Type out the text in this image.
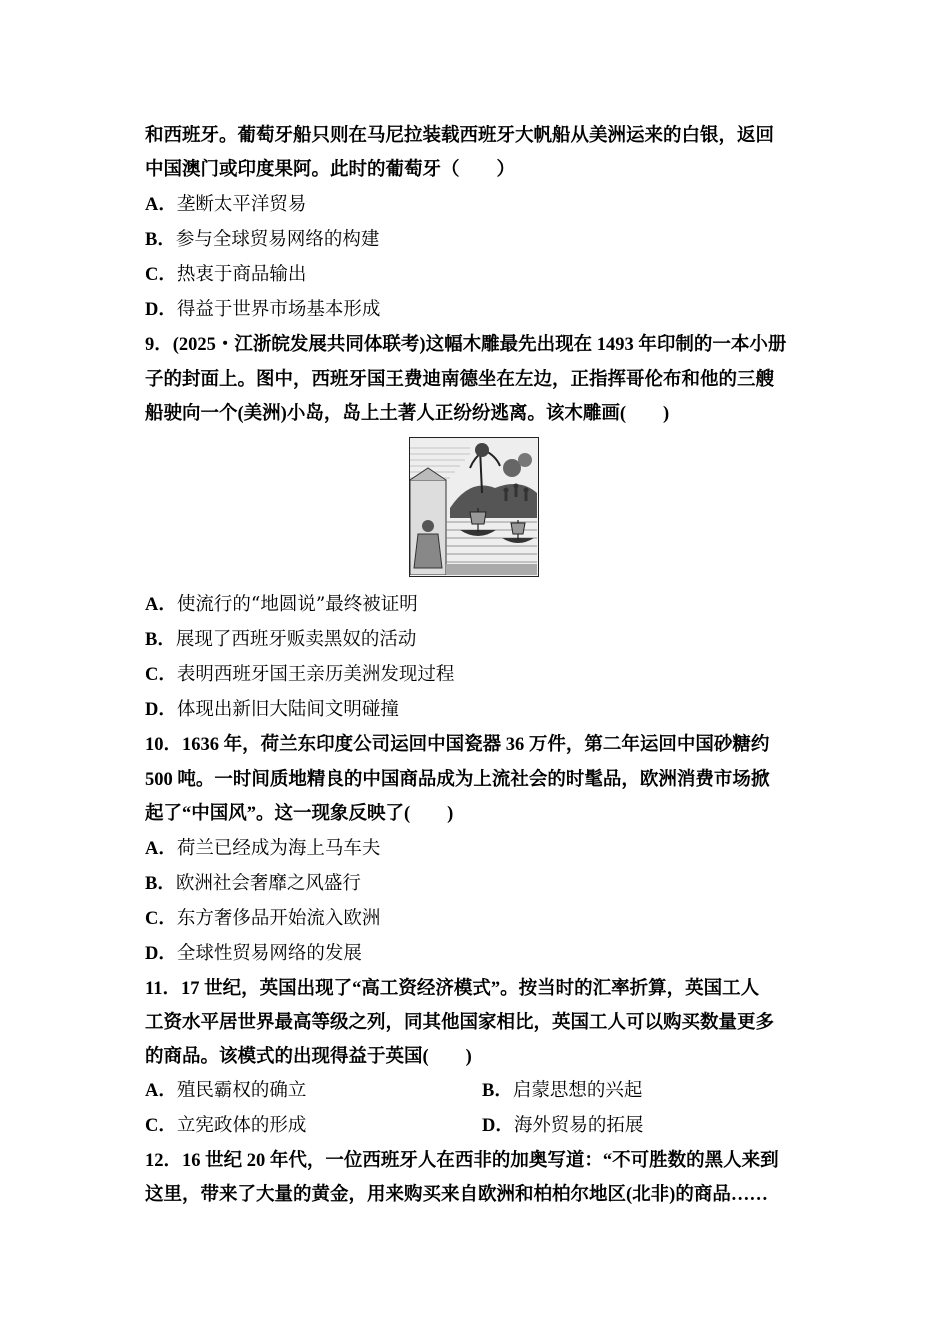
和西班牙。葡萄牙船只则在马尼拉装载西班牙大帆船从美洲运来的白银，返回
中国澳门或印度果阿。此时的葡萄牙（　　）
A．垄断太平洋贸易
B．参与全球贸易网络的构建
C．热衷于商品输出
D．得益于世界市场基本形成
9．(2025・江浙皖发展共同体联考)这幅木雕最先出现在 1493 年印制的一本小册
子的封面上。图中，西班牙国王费迪南德坐在左边，正指挥哥伦布和他的三艘
船驶向一个(美洲)小岛，岛上土著人正纷纷逃离。该木雕画(　　)
A．使流行的“地圆说”最终被证明
B．展现了西班牙贩卖黑奴的活动
C．表明西班牙国王亲历美洲发现过程
D．体现出新旧大陆间文明碰撞
10．1636 年，荷兰东印度公司运回中国瓷器 36 万件，第二年运回中国砂糖约
500 吨。一时间质地精良的中国商品成为上流社会的时髦品，欧洲消费市场掀
起了“中国风”。这一现象反映了(　　)
A．荷兰已经成为海上马车夫
B．欧洲社会奢靡之风盛行
C．东方奢侈品开始流入欧洲
D．全球性贸易网络的发展
11．17 世纪，英国出现了“高工资经济模式”。按当时的汇率折算，英国工人
工资水平居世界最高等级之列，同其他国家相比，英国工人可以购买数量更多
的商品。该模式的出现得益于英国(　　)
A．殖民霸权的确立	B．启蒙思想的兴起
C．立宪政体的形成	D．海外贸易的拓展
12．16 世纪 20 年代，一位西班牙人在西非的加奥写道：“不可胜数的黑人来到
这里，带来了大量的黄金，用来购买来自欧洲和柏柏尔地区(北非)的商品……
